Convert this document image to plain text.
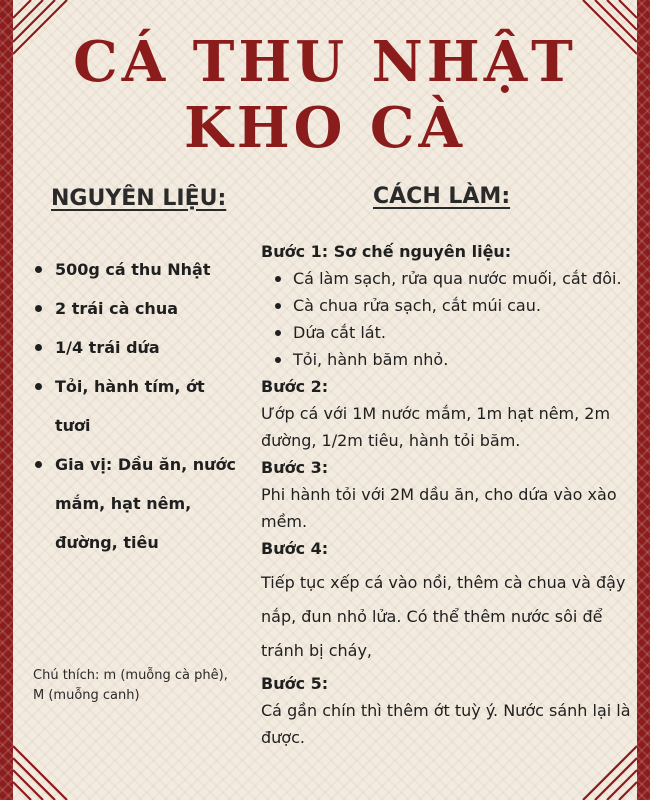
CÁ THU NHẬT
KHO CÀ
NGUYÊN LIỆU:	CÁCH LÀM:
500g cá thu Nhật
2 trái cà chua
1/4 trái dứa
Tỏi, hành tím, ớt tươi
Gia vị: Dầu ăn, nước mắm, hạt nêm, đường, tiêu

Chú thích: m (muỗng cà phê), M (muỗng canh)

Bước 1: Sơ chế nguyên liệu:

Cá làm sạch, rửa qua nước muối, cắt đôi.
Cà chua rửa sạch, cắt múi cau.
Dứa cắt lát.
Tỏi, hành băm nhỏ.

Bước 2:

Ướp cá với 1M nước mắm, 1m hạt nêm, 2m đường, 1/2m tiêu, hành tỏi băm.

Bước 3:

Phi hành tỏi với 2M dầu ăn, cho dứa vào xào mềm.

Bước 4:

Tiếp tục xếp cá vào nồi, thêm cà chua và đậy nắp, đun nhỏ lửa. Có thể thêm nước sôi để tránh bị cháy,

Bước 5:

Cá gần chín thì thêm ớt tuỳ ý. Nước sánh lại là được.
